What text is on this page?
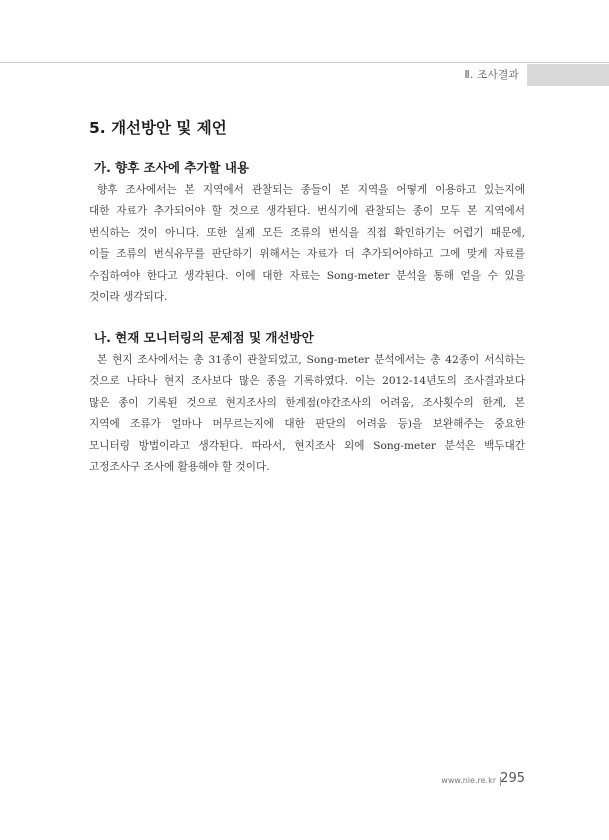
Ⅱ. 조사결과
5. 개선방안 및 제언
가. 향후 조사에 추가할 내용
향후 조사에서는 본 지역에서 관찰되는 종들이 본 지역을 어떻게 이용하고 있는지에
대한 자료가 추가되어야 할 것으로 생각된다. 번식기에 관찰되는 종이 모두 본 지역에서
번식하는 것이 아니다. 또한 실제 모든 조류의 번식을 직접 확인하기는 어렵기 때문에,
이들 조류의 번식유무를 판단하기 위해서는 자료가 더 추가되어야하고 그에 맞게 자료를
수집하여야 한다고 생각된다. 이에 대한 자료는 Song-meter 분석을 통해 얻을 수 있을
것이라 생각되다.
나. 현재 모니터링의 문제점 및 개선방안
본 현지 조사에서는 총 31종이 관찰되었고, Song-meter 분석에서는 총 42종이 서식하는
것으로 나타나 현지 조사보다 많은 종을 기록하였다. 이는 2012-14년도의 조사결과보다
많은 종이 기록된 것으로 현지조사의 한계점(야간조사의 어려움, 조사횟수의 한계, 본
지역에 조류가 얼마나 머무르는지에 대한 판단의 어려움 등)을 보완해주는 중요한
모니터링 방법이라고 생각된다. 따라서, 현지조사 외에 Song-meter 분석은 백두대간
고정조사구 조사에 활용해야 할 것이다.
www.nie.re.kr 295
